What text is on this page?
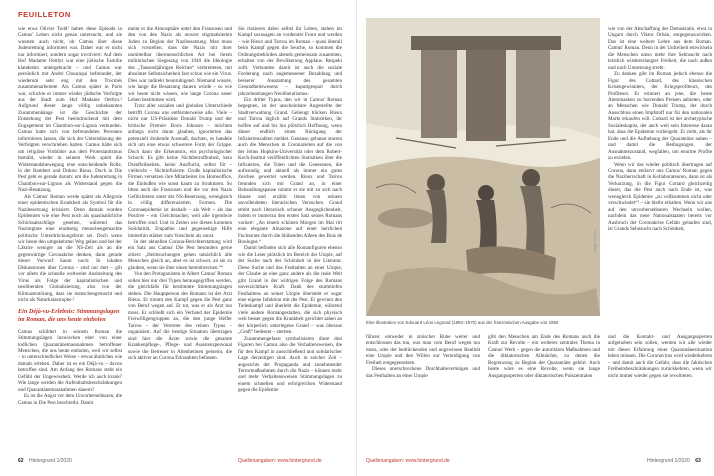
FEUILLETON

wie etwa Olivier Todd¹ haben diese Episode in Camus' Leben nicht genau untersucht, und sie wussten auch nicht, ob Camus über diese Judenrettung informiert war. Daher war er nicht nur informiert, sondern sogar involviert: Auf dem Hof Madame Oettlys war eine jüdische Familie klandestin untergebracht – und Camus war persönlich mit André Chouraqui befreundet, der wiederum sehr eng mit den Trocmés zusammenarbeitete. Als Camus später in Paris war, schickte er immer wieder jüdische Verfolgte aus der Stadt zum Hof Madame Oettlys.² Aufgrund dieser lange völlig unbekannten Zusammenhänge ist die Geschichte der Entstehung der Pest beeindruckend mit dem Engagement im Chambon-sur-Lignon verbunden. Camus hatte sich von befreundeten Personen informieren lassen, die sich der Unterstützung der Verfolgten verschrieben hatten. Camus hätte sich um religiöse Vorbilder aus dem Protestantismus bemüht, wieder in seinem Werk spielt die Widerstandsbewegung eine entscheidende Rolle, in der Rambert und Doktor Rieux. Doch in Die Pest geht es gerade darum: um die Judenrettung in Chambon-sur-Lignon als Widerstand gegen die Nazi-Besatzung.

Als Camus' Roman werde später als Allegorie einer epidemischen Krankheit als Symbol für die Nazibesetzung kritisiert. Denn damals wurden Epidemien wie eine Pest noch als quasinatürliche Schicksalsschläge gesehen, während das Naziregime eine eindeutig menschengemachte politische Unterdrückungsform sei. Doch wenn wir heute den umgekehrten Weg gehen und bei der Läktire weniger an die NS-Zeit als an die gegenwärtige Coronakrise denken, dann gerade dieser Vorwurf kaum noch: In lokalen Diskussionen über Corona – sind nur dort – gilt vor allem die schnelle weltweite Ausbreitung des Virus als Folge der kapitalistischen und neoliberalen Globalisierung, also von der Klimazerstörung, dass sie menschengemacht und nicht als Naturkatastrophe.³

Ein Déjà-vu-Erlebnis: Stimmungslagen im Roman, die uns heute einholen

Camus schildert in seinem Roman die Stimmungslagen inzwischen eher von einer todlichen Quarantänemassnahmen betroffener Menschen, die uns heute einholen, weil wir selbst – in unterschiedlicher Weise – etwas ähnliches wie damals erleben. Daher ist es ein Déjà-vu – davon betroffen sind. Am Anfang des Romans steht ein Gefühl der Ungewissheit. Werde ich auch krank? Wie lange werden die Aufenthaltsbeschränkungen und Quarantänemassnahmen dauern?

Es ist die Angst vor dem Unvorhersehbaren, die Camus in Die Pest beschreibt. Damit

meint er die Atmosphäre unter den Franzosen und den von den Nazis als unwert stigmatisierten Juden zu Beginn der Nazibesatzung. Man muss sich vorstellen, dass die Nazis mit ihrer unmittelbar übermenschlichen Art bei ihrem militärischen Siegeszug von 1940 die Ideologie des „Tausendjährigen Reiches“ verbreiteten, mit absoluter Selbstsicherheit fast schon wie ein Virus. Dies war indirekt beunruhigend. Niemand wusste, wie lange die Besatzung dauern würde – so wie wir heute nicht wissen, wie lange Corona unser Leben bestimmen wird.

Trotz aller sozialen und globalen Unterschiede betrifft Corona uns entfernterweise alle. Viele – nicht nur US-Präsident Donald Trump und der britische Premier Boris Johnson – möchten anfangs nicht daran glauben, ignorierten das potenziell drohende Ausmaß, dachten, es handele sich um eine etwas schwerere Form der Grippe. Doch dann die Erkenntnis, ein psychologischer Schock: Es gibt keine Nichtbetroffenheit, kein Draufleibseiten, keine Ausflucht, selbst für – vielleicht – Nichtinfizierte. Große kapitalistische Firmen versetzen ihre Mitarbeiter ins Homeoffice, die Einbußen wie sonst kaum zu Strukturen. So litten auch die Franzosen und die vor den Nazis Geflüchteten unter der NS-Besetzung, wenngleich in völlig differenzierten Formen. Die Coronaepidemie ist deshalb – als Welt – als das Positive – ein Gleichmacher, weil alle irgendwie betroffen sind. Und in Zeiten wie diesen kommen Solidarität, Empathie und gegenseitige Hilfe immerhin stärker zum Vorschein als sonst.

In der aktuellen Corona-Berichterstattung wird ein Satz aus Camus' Die Pest besonders gerne zitiert: „Heimsuchungen gehen tatsächlich alle Menschen gleich an, aber es ist schwer, an sie zu glauben, wenn sie über einen hereinbrechen.“⁴

Von den Protagonisten in Albert Camus' Roman sollen hier nur drei Typen herausgegriffen werden, die gleichfalls für bestimmte Stimmungslagen stehen. Die Hauptperson des Romans ist der Arzt Rieux. Er nimmt den Kampf gegen die Pest ganz von Beruf wegen auf. Er tut, was er als Arzt tun muss. Er schließt sich ein Verband der Epidemie Freiwilligengruppen an, die den junge Helfer Tarrou – der Vertreter des reinen Typus – organisiert. Auf die heutige Situation übertragen sind hier die Ärzte sowie die gesamte Krankenpflege-, Pflege- und Assistenzpersonal sowie die Betreuer in Altenheimen gemeint, die sich aktiver an Corona Erkrankten befassen.

Sie riskieren dabei selbst ihr Leben, stehen im Kampf sozusagen an vorderster Front und werden – wie Rieux und Tarrou im Roman – quasi überall beim Kampf gegen die Seuche, so kommen die Ordnungsbehörden abends gemeinsam zusammen, erhalten von der Bevölkerung Applaus. Respekt zollt. Verbunden damit ist auch die soziale Forderung nach angemessener Bezahlung und besserer Ausstattung des gesamten Gesundheitswesens – kaputtgespart durch jahrzehntelangen Neoliberalismus.

Ein dritter Typus, den wir in Camus' Roman begegnen, ist der unscheinbare Angestellte der Stadtverwaltung Grand. Gebeugt blicken Rieux und Tarrou täglich auf Grands Statistiken, ihr hoffen auf und bis hin plötzlich Hoffnung, wenn dieser endlich einen Rückgang der Infiziertenzahlen meldet. Genauso gebannt starren auch die Menschen in Coronazeiten auf die von der Johns Hopkins-Universität oder dem Robert-Koch-Institut veröffentlichten Statistiken über die Infizierten, die Toten und die Genesenen, die aufwendig und aktuell als immer ein gutes Zeichen gewertet werden. Rieux und Tarrou freunden sich mit Grand an, in einer Behandlungspause nimmt er sie mit zu sich nach Hause und erzählt ihnen von seinem unvollendeten literarischen Versuchen. Grand strebt nach literarisch schoner Ausgeglichenheit, indem er immerzu den ersten Satz seines Romans variiert: „An einem schönen Morgen im Mai ritt eine elegante Amazone auf einer herrlichen Fuchsstute durch die blühenden Alleen des Bois de Boulogne.“

Damit befinden sich alle Romanfiguren ebenso wie die Leser plötzlich im Bereich der Utopie, auf der Suche nach der Schönheit in der Literatur. Diese Suche und das Festhalten an einer Utopie, der Glaube an eine ganz andere als die reale Welt gibt Grand in der widrigen Folge des Romans unverzichtbare Kraft. Dank des sturmtiefen Festhaltens an seiner Utopie übersteht er sogar eine eigene Infektion mit der Pest. Er gewinnt den Todeskampf und überlebt die Epidemie, während viele andere Romangestalten, die sich physisch weit besser gegen die Krankheit gerichtet sahen an der körperlich unterlegene Grand – was überaus „Groß“ bedeutet – sterben.

Zusammengefasst symbolisieren diese drei Figuren bei Camus also die Verhaltensweisen, die für den Kampf in ausschließend und solidarischer Lage derzeitigen sind. Auch in solcher Zeit – angesichts der Propaganda und zunehmender Terrormaßnahmen durch die Nazis – können mehr und mehr Verhaltensweisen Stimmungslagen zu einem schnellen und erfolgreichen Widerstand gegen die Epidemie

62 Hintergrund 1/2020	Quellenangaben: www.hintergrund.de
Image Science
Eine Illustration von Edouard Léon Legrand (1892–1970) aus der französischen Ausgabe von 1950

wie von der Abschaffung der Demokratie, etwa in Ungarn durch Viktor Orbán, entgegenzuwirken. Das ist eine weitere Lehre aus dem Roman. Camus' Roman. Denn in der Unfreiheit entwickeln die Menschen umso mehr ihre Sehnsucht nach letztlich wiedererlangter Freiheit, die nach außen und nach Umsetzung strebt.

Zu denken gibt im Roman jedoch ebenso die Figur des Cottard, des klassischen Krisengewinnlers, der Kriegsprofiteurs, des Profiteurs. Er erinnert an jene, die heute Atemmasken zu horrenden Preisen anbieten, oder an Menschen wie Donald Trump, der durch Ausschluss einen Impfstoff nur für den nationalen Markt erkaufen will. Cottard ist der archetypische Sozialeskapist, der auch weil sein Interesse daran hat, dass die Epidemie vorbeigeht. Er zieht, als ihr Ende und die Aufhebung der Quarantäne nahen – und damit die Bedingungen, der Ausnahmezustand, wegfallen, um enorme Profite zu erzielen.

Wenn wir das wieder politisch übertragen auf Corona, dann entlarvt uns Camus' Roman gegen die Naziherrschaft in Kollaborateuren, dann ist als Verkurzung, in die Figur Cottard gleichzeitig dieser, das die Pest auch nach Ende ist, was wenngleich Epidemie „zu vollkommen nicht oder verschwindet“⁵ – sie bleibt erhalten. Wenn wir uns auf den unvorhersehbaren Wechseln wollen, nachdem das neue Nationalstaaten bereits vor Ausbruch der Coronakrise Gefahr gelaufen sind, ist Grands Sehnsucht nach Schönheit,

führen: entweder in stoischer Ruhe weiter und entschlossen das tun, was man vom Beruf wegen tun muss, oder der bedrückenden und ungewissen Realität eine Utopie und den Willen zur Verteidigung von Freiheit entgegensetzen.

Dieses unerschrockene Durchhaltevermögen und das Festhalten an einer Utopie

gibt den Menschen am Ende des Romans auch die Kraft zur Revolte – ein weiteres zentrales Thema in Camus' Werk – gegen die autoritären Maßnahmen und die diktatorischen Allmächte, zu denen die Begrenzung zu Beginn der Quarantäne gehört. Auch heute wäre es eine Revolte, wenn sie lange Ausgangssperren oder diktatorischen Pulszentralen

und die Kontakt- und Ausgangssperren aufgehoben sein sollen, werden wir alle wieder mit dieser Erfahrung einer Quarantänesituation leben müssen. Die Coronavirus wird wiederkehren – und damit auch die Gefahr, dass die faktischen Freiheitsbeschränkungen zurückkehren, wenn wir nicht immer wieder gegen sie revoltieren.

Quellenangaben: www.hintergrund.de	Hintergrund 1/2020 63
